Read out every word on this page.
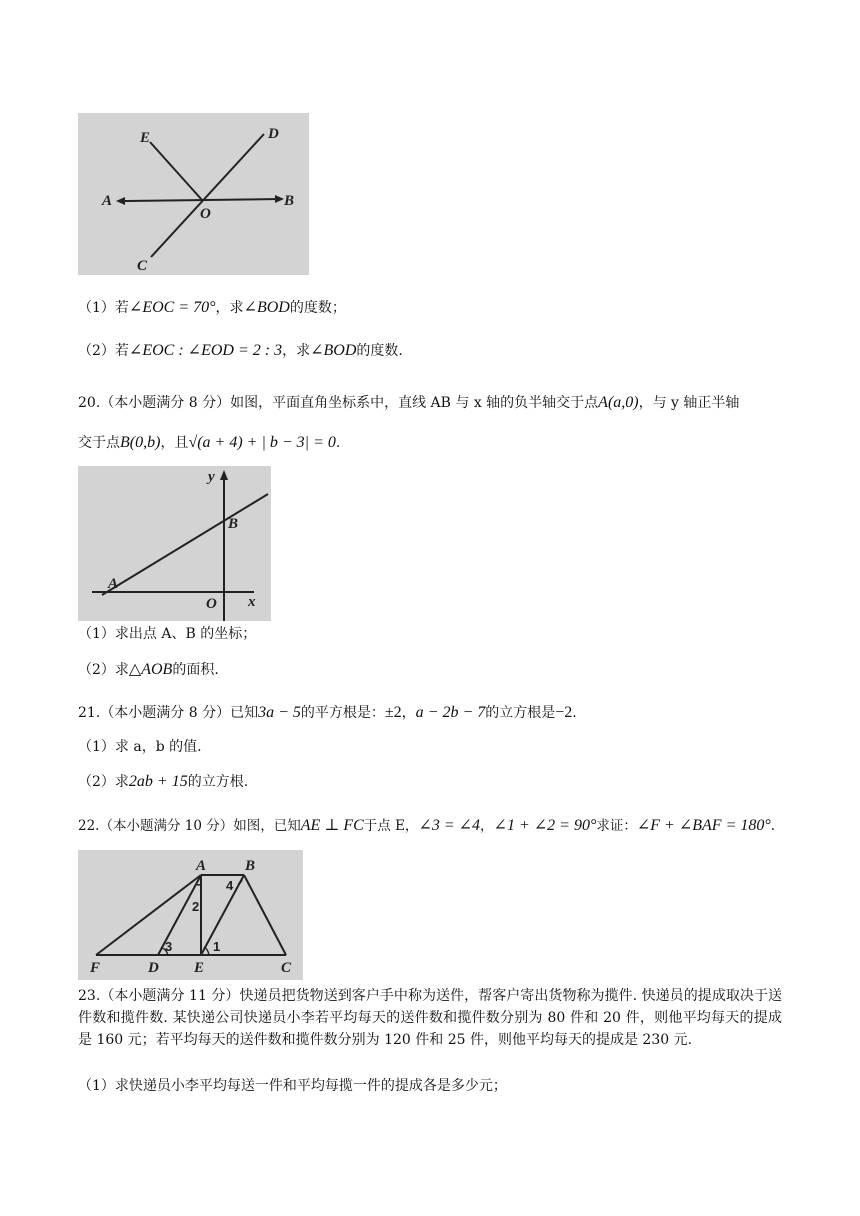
E	D
A
O
B
C
（1）若∠EOC = 70°，求∠BOD的度数；
（2）若∠EOC : ∠EOD = 2 : 3，求∠BOD的度数.
20.（本小题满分 8 分）如图，平面直角坐标系中，直线 AB 与 x 轴的负半轴交于点A(a,0)，与 y 轴正半轴
交于点B(0,b)，且√(a + 4) + | b − 3| = 0.
y
B
A
O x
（1）求出点 A、B 的坐标；
（2）求△AOB的面积.
21.（本小题满分 8 分）已知3a − 5的平方根是：±2，a − 2b − 7的立方根是−2.
（1）求 a，b 的值.
（2）求2ab + 15的立方根.
22.（本小题满分 10 分）如图，已知AE ⊥ FC于点 E，∠3 = ∠4，∠1 + ∠2 = 90°求证：∠F + ∠BAF = 180°.
A	B
F	D E	C
1
2
3
4
23.（本小题满分 11 分）快递员把货物送到客户手中称为送件，帮客户寄出货物称为揽件. 快递员的提成取决于送件数和揽件数. 某快递公司快递员小李若平均每天的送件数和揽件数分别为 80 件和 20 件，则他平均每天的提成是 160 元；若平均每天的送件数和揽件数分别为 120 件和 25 件，则他平均每天的提成是 230 元.
（1）求快递员小李平均每送一件和平均每揽一件的提成各是多少元；
